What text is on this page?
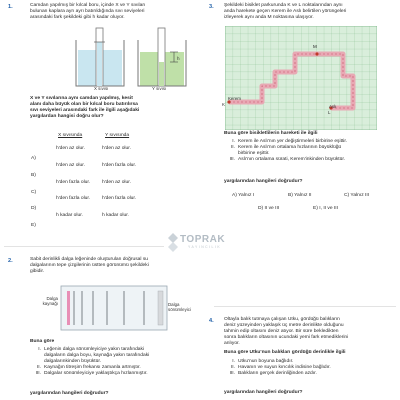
1.	Camdan yapılmış bir kılcal boru, içinde X ve Y sıvıları
bulunan kaplara ayrı ayrı batırıldığında sıvı seviyeleri
arasındaki fark şekildeki gibi h kadar oluyor.
h
X sıvısı	Y sıvısı
X ve Y sıvılarına aynı camdan yapılmış, kesit
alanı daha büyük olan bir kılcal boru batırılırsa
sıvı seviyeleri arasındaki fark ile ilgili aşağıdaki
yargılardan hangisi doğru olur?
X sıvısında	Y sıvısında
A)
h'den az olur.	h'den az olur.
B)
h'den az olur.	h'den fazla olur.
C)
h'den fazla olur. h'den az olur.
D)
h'den fazla olur. h'den fazla olur.
E)
h kadar olur.	h kadar olur.
3. Şekildeki bisiklet parkurunda K ve L noktalarından aynı
anda harekete geçen Kerem ile Aslı belirtilen yörüngeleri
izleyerek aynı anda M noktasına ulaşıyor.
M
Kerem
K	Aslı
L
Buna göre bisikletlilerin hareketi ile ilgili
I. Kerem ile Aslı'nın yer değiştirmeleri birbirine eşittir.
II. Kerem ile Aslı'nın ortalama hızlarının büyüklüğü
birbirine eşittir.
III. Aslı'nın ortalama sürati, Kerem'inkinden büyüktür.
yargılarından hangileri doğrudur?
A) Yalnız I	B) Yalnız II	C) Yalnız III
D) II ve III	E) I, II ve III
TOPRAK
YAYINCILIK
2.	Sabit derinlikli dalga leğeninde oluşturulan doğrusal su
dalgalarının tepe çizgilerinin üstten görünümü şekildeki
gibidir.
Dalga
kaynağı	Dalga
sönümleyici
Buna göre
I. Leğenin dalga sönümleyiciye yakın tarafındaki
dalgaların dalga boyu, kaynağa yakın tarafındaki
dalgalarınkinden büyüktür.
II. Kaynağın titreşim frekansı zamanla artmıştır.
III. Dalgalar sönümleyiciye yaklaştıkça hızlanmıştır.
yargılarından hangileri doğrudur?
4. Oltayla balık tutmaya çalışan Utku, gördüğü balıkların
deniz yüzeyinden yaklaşık üç metre derinlikte olduğunu
tahmin edip oltasını deniz atıyor. Bir süre bekledikten
sonra balıkların oltasının ucundaki yemi fark etmediklerini
anlıyor.
Buna göre Utku'nun balıkları gördüğü derinlikle ilgili
I. Utku'nun boyuna bağlıdır.
II. Havanın ve suyun kırıcılık indisine bağlıdır.
III. Balıkların gerçek derinliğinden azdır.
yargılarından hangileri doğrudur?
